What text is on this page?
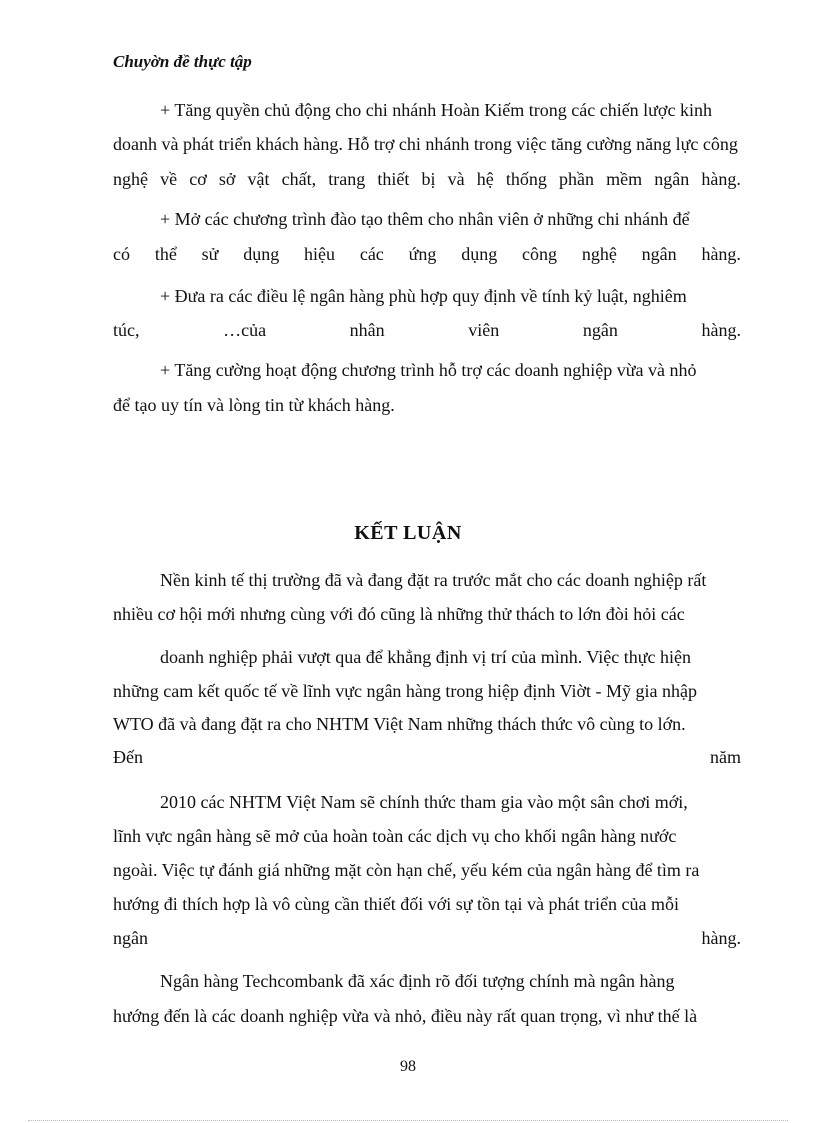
Chuyờn đề thực tập
+ Tăng quyền chủ động cho chi nhánh Hoàn Kiếm trong các chiến lược kinh
doanh và phát triển khách hàng. Hỗ trợ chi nhánh trong việc tăng cường năng lực công
nghệ về cơ sở vật chất, trang thiết bị và hệ thống phần mềm ngân hàng.
+ Mở các chương trình đào tạo thêm cho nhân viên ở những chi nhánh để
có thể sử dụng hiệu các ứng dụng công nghệ ngân hàng.
+ Đưa ra các điều lệ ngân hàng phù hợp quy định về tính kỷ luật, nghiêm
túc,	…của	nhân	viên	ngân	hàng.
+ Tăng cường hoạt động chương trình hỗ trợ các doanh nghiệp vừa và nhỏ
để tạo uy tín và lòng tin từ khách hàng.
KẾT LUẬN
Nền kinh tế thị trường đã và đang đặt ra trước mắt cho các doanh nghiệp rất
nhiều cơ hội mới nhưng cùng với đó cũng là những thử thách to lớn đòi hỏi các
doanh nghiệp phải vượt qua để khẳng định vị trí của mình. Việc thực hiện
những cam kết quốc tế về lĩnh vực ngân hàng trong hiệp định Viờt - Mỹ gia nhập
WTO đã và đang đặt ra cho NHTM Việt Nam những thách thức vô cùng to lớn.
Đến	năm
2010 các NHTM Việt Nam sẽ chính thức tham gia vào một sân chơi mới,
lĩnh vực ngân hàng sẽ mở của hoàn toàn các dịch vụ cho khối ngân hàng nước
ngoài. Việc tự đánh giá những mặt còn hạn chế, yếu kém của ngân hàng để tìm ra
hướng đi thích hợp là vô cùng cần thiết đối với sự tồn tại và phát triển của mỗi
ngân	hàng.
Ngân hàng Techcombank đã xác định rõ đối tượng chính mà ngân hàng
hướng đến là các doanh nghiệp vừa và nhỏ, điều này rất quan trọng, vì như thế là
98
